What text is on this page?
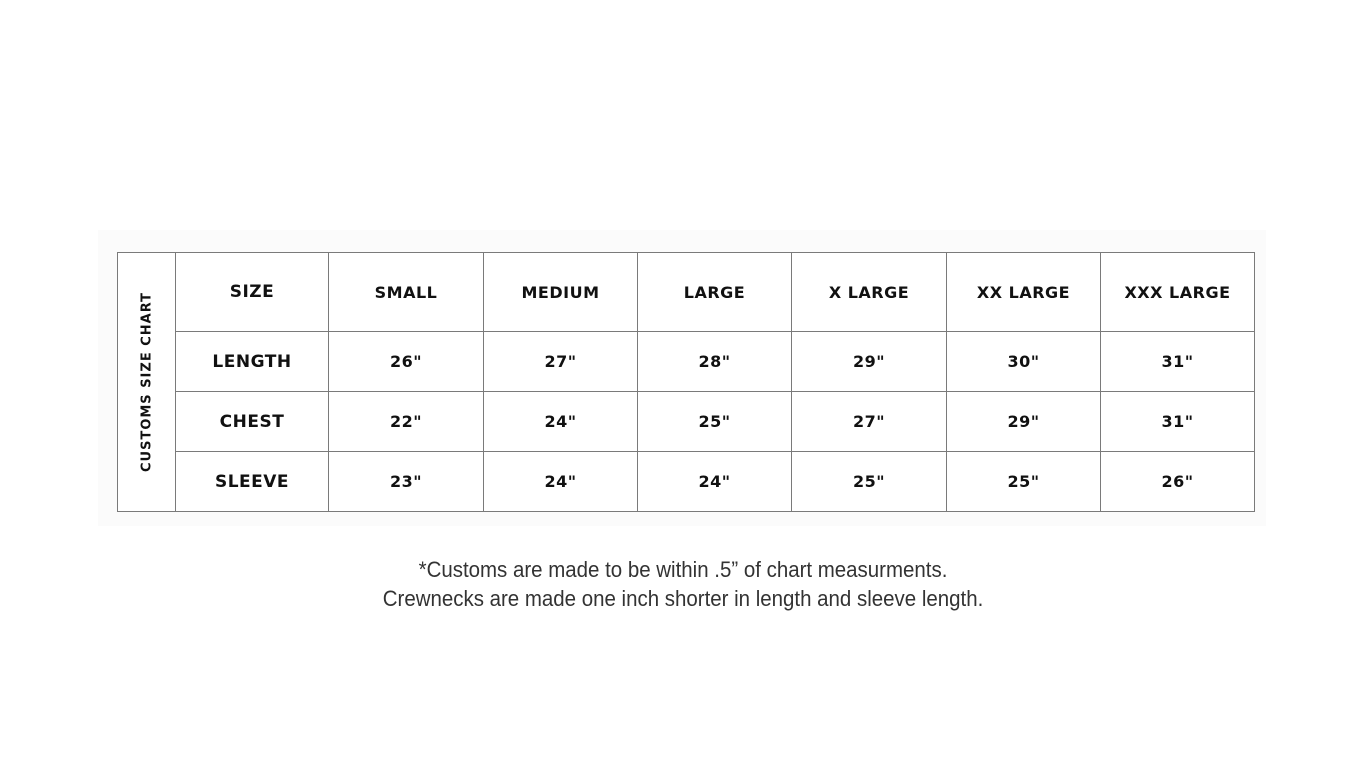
CUSTOMS SIZE CHART	SIZE	SMALL	MEDIUM	LARGE	X LARGE	XX LARGE	XXX LARGE
	LENGTH	26"	27"	28"	29"	30"	31"
	CHEST	22"	24"	25"	27"	29"	31"
	SLEEVE	23"	24"	24"	25"	25"	26"
*Customs are made to be within .5” of chart measurments.
Crewnecks are made one inch shorter in length and sleeve length.
